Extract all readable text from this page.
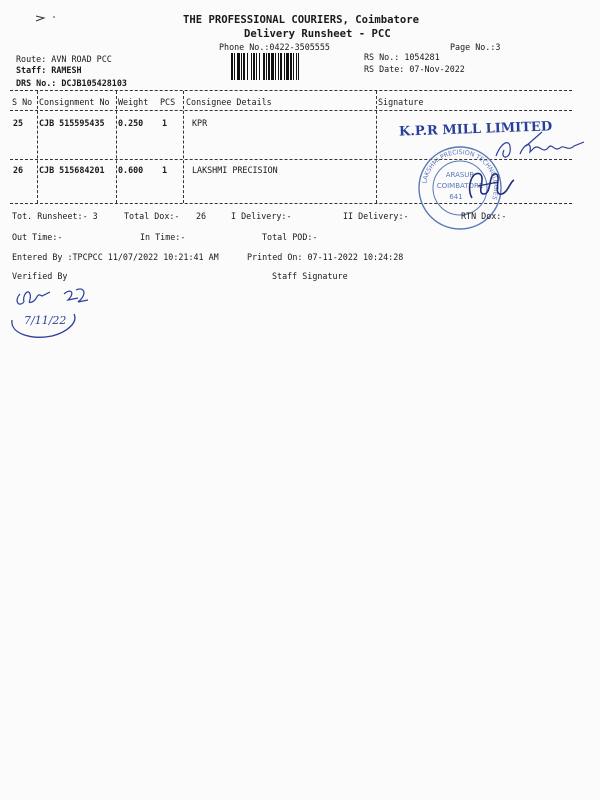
THE PROFESSIONAL COURIERS, Coimbatore
Delivery Runsheet - PCC
Phone No.:0422-3505555	Page No.:3
Route: AVN ROAD PCC
Staff: RAMESH
DRS No.: DCJB105428103
RS No.: 1054281
RS Date: 07-Nov-2022
S No Consignment No Weight PCS Consignee Details	Signature
25 CJB 515595435 0.250 1	KPR
26 CJB 515684201 0.600 1	LAKSHMI PRECISION
K.P.R MILL LIMITED
LAKSHMI PRECISION TECHNOLOGIES
ARASUR
COIMBATORE
641
Tot. Runsheet:- 3	Total Dox:- 26	I Delivery:-	II Delivery:-	RTN Dox:-
Out Time:-	In Time:-	Total POD:-
Entered By :TPCPCC 11/07/2022 10:21:41 AM	Printed On: 07-11-2022 10:24:28
Verified By	Staff Signature
7/11/22
